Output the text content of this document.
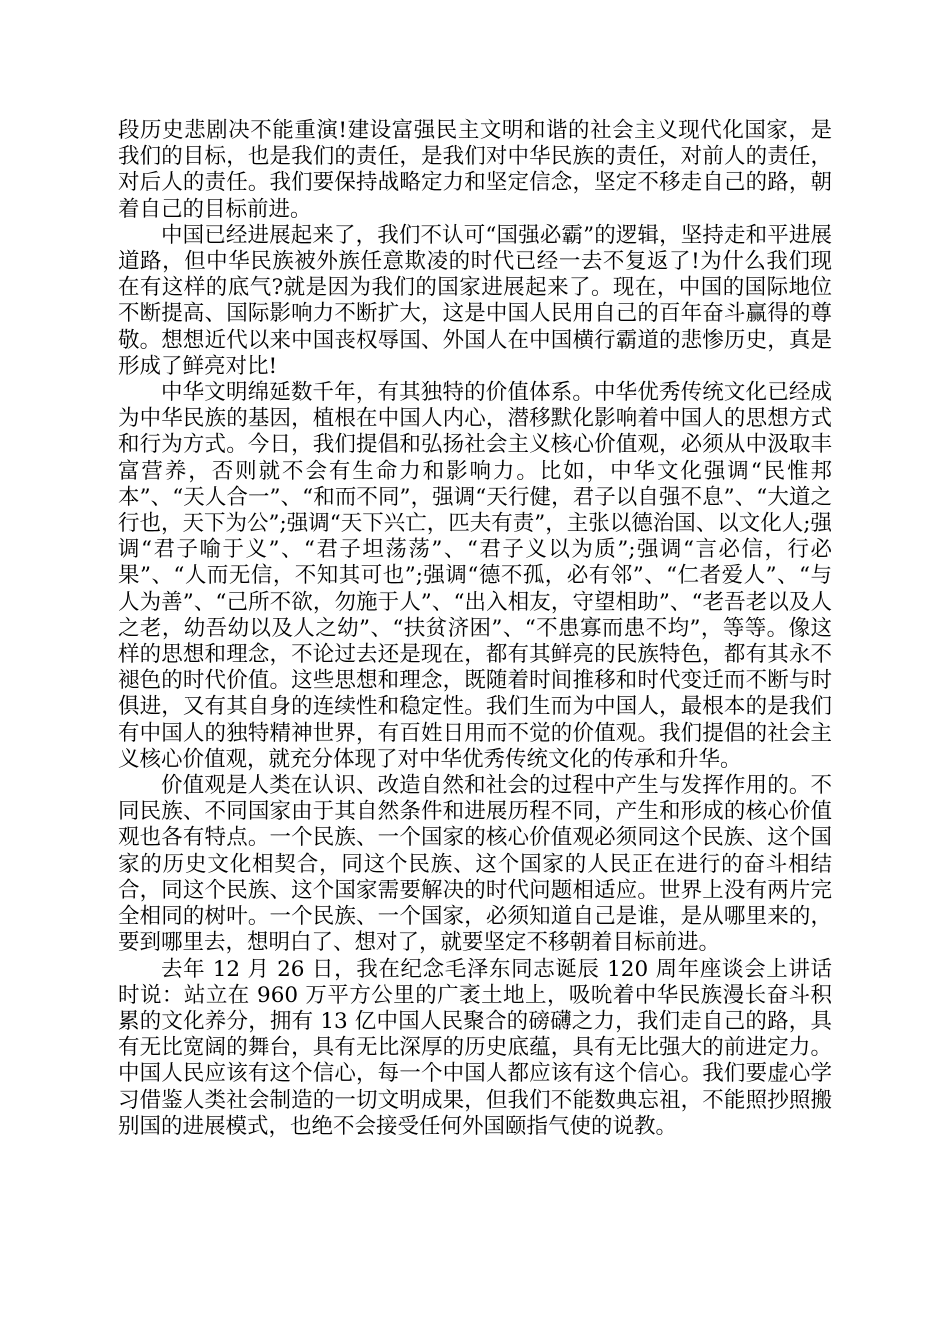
段历史悲剧决不能重演!建设富强民主文明和谐的社会主义现代化国家，是我们的目标，也是我们的责任，是我们对中华民族的责任，对前人的责任，对后人的责任。我们要保持战略定力和坚定信念，坚定不移走自己的路，朝着自己的目标前进。

中国已经进展起来了，我们不认可“国强必霸”的逻辑，坚持走和平进展道路，但中华民族被外族任意欺凌的时代已经一去不复返了!为什么我们现在有这样的底气?就是因为我们的国家进展起来了。现在，中国的国际地位不断提高、国际影响力不断扩大，这是中国人民用自己的百年奋斗赢得的尊敬。想想近代以来中国丧权辱国、外国人在中国横行霸道的悲惨历史，真是形成了鲜亮对比!

中华文明绵延数千年，有其独特的价值体系。中华优秀传统文化已经成为中华民族的基因，植根在中国人内心，潜移默化影响着中国人的思想方式和行为方式。今日，我们提倡和弘扬社会主义核心价值观，必须从中汲取丰富营养，否则就不会有生命力和影响力。比如，中华文化强调“民惟邦本”、“天人合一”、“和而不同”，强调“天行健，君子以自强不息”、“大道之行也，天下为公”;强调“天下兴亡，匹夫有责”，主张以德治国、以文化人;强调“君子喻于义”、“君子坦荡荡”、“君子义以为质”;强调“言必信，行必果”、“人而无信，不知其可也”;强调“德不孤，必有邻”、“仁者爱人”、“与人为善”、“己所不欲，勿施于人”、“出入相友，守望相助”、“老吾老以及人之老，幼吾幼以及人之幼”、“扶贫济困”、“不患寡而患不均”，等等。像这样的思想和理念，不论过去还是现在，都有其鲜亮的民族特色，都有其永不褪色的时代价值。这些思想和理念，既随着时间推移和时代变迁而不断与时俱进，又有其自身的连续性和稳定性。我们生而为中国人，最根本的是我们有中国人的独特精神世界，有百姓日用而不觉的价值观。我们提倡的社会主义核心价值观，就充分体现了对中华优秀传统文化的传承和升华。

价值观是人类在认识、改造自然和社会的过程中产生与发挥作用的。不同民族、不同国家由于其自然条件和进展历程不同，产生和形成的核心价值观也各有特点。一个民族、一个国家的核心价值观必须同这个民族、这个国家的历史文化相契合，同这个民族、这个国家的人民正在进行的奋斗相结合，同这个民族、这个国家需要解决的时代问题相适应。世界上没有两片完全相同的树叶。一个民族、一个国家，必须知道自己是谁，是从哪里来的，要到哪里去，想明白了、想对了，就要坚定不移朝着目标前进。

去年 12 月 26 日，我在纪念毛泽东同志诞辰 120 周年座谈会上讲话时说：站立在 960 万平方公里的广袤土地上，吸吮着中华民族漫长奋斗积累的文化养分，拥有 13 亿中国人民聚合的磅礴之力，我们走自己的路，具有无比宽阔的舞台，具有无比深厚的历史底蕴，具有无比强大的前进定力。中国人民应该有这个信心，每一个中国人都应该有这个信心。我们要虚心学习借鉴人类社会制造的一切文明成果，但我们不能数典忘祖，不能照抄照搬别国的进展模式，也绝不会接受任何外国颐指气使的说教。
